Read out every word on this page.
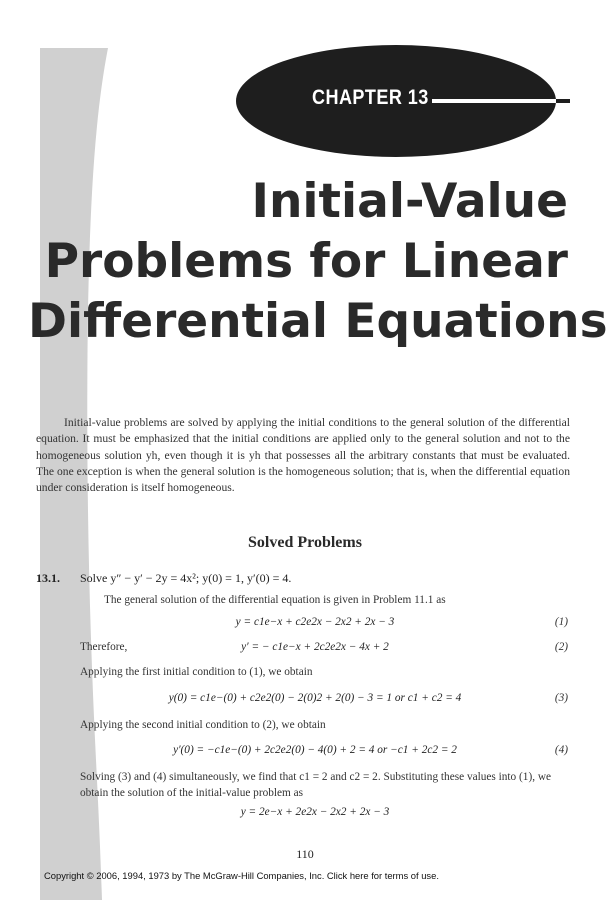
CHAPTER 13
Initial-Value
Problems for Linear
Differential Equations

Initial-value problems are solved by applying the initial conditions to the general solution of the differential equation. It must be emphasized that the initial conditions are applied only to the general solution and not to the homogeneous solution yh, even though it is yh that possesses all the arbitrary constants that must be evaluated. The one exception is when the general solution is the homogeneous solution; that is, when the differential equation under consideration is itself homogeneous.

Solved Problems
13.1. Solve y″ − y′ − 2y = 4x²; y(0) = 1, y′(0) = 4.
The general solution of the differential equation is given in Problem 11.1 as
y = c1e−x + c2e2x − 2x2 + 2x − 3	(1)
Therefore,	y′ = − c1e−x + 2c2e2x − 4x + 2	(2)
Applying the first initial condition to (1), we obtain
y(0) = c1e−(0) + c2e2(0) − 2(0)2 + 2(0) − 3 = 1 or c1 + c2 = 4	(3)
Applying the second initial condition to (2), we obtain
y′(0) = −c1e−(0) + 2c2e2(0) − 4(0) + 2 = 4 or −c1 + 2c2 = 2	(4)
Solving (3) and (4) simultaneously, we find that c1 = 2 and c2 = 2. Substituting these values into (1), we obtain the solution of the initial-value problem as
y = 2e−x + 2e2x − 2x2 + 2x − 3
110
Copyright © 2006, 1994, 1973 by The McGraw-Hill Companies, Inc. Click here for terms of use.
